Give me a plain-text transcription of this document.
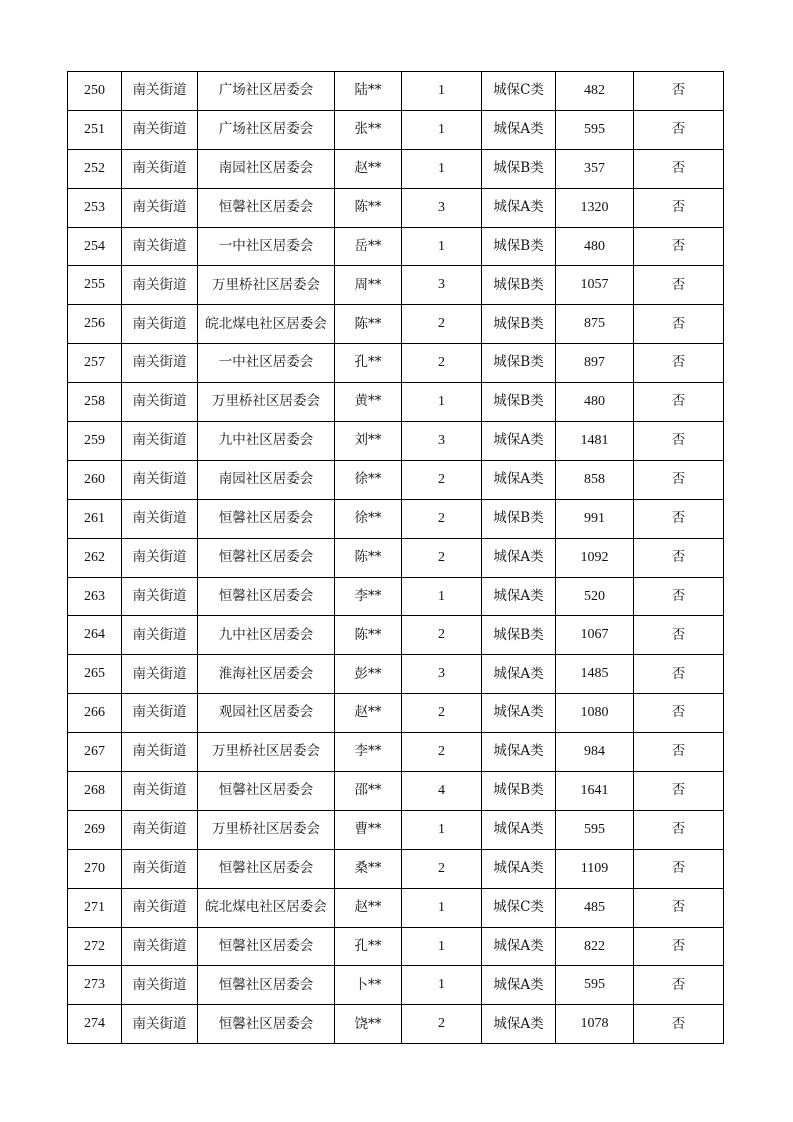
250	南关街道	广场社区居委会	陆**	1	城保C类	482	否
251	南关街道	广场社区居委会	张**	1	城保A类	595	否
252	南关街道	南园社区居委会	赵**	1	城保B类	357	否
253	南关街道	恒馨社区居委会	陈**	3	城保A类	1320	否
254	南关街道	一中社区居委会	岳**	1	城保B类	480	否
255	南关街道	万里桥社区居委会	周**	3	城保B类	1057	否
256	南关街道	皖北煤电社区居委会	陈**	2	城保B类	875	否
257	南关街道	一中社区居委会	孔**	2	城保B类	897	否
258	南关街道	万里桥社区居委会	黄**	1	城保B类	480	否
259	南关街道	九中社区居委会	刘**	3	城保A类	1481	否
260	南关街道	南园社区居委会	徐**	2	城保A类	858	否
261	南关街道	恒馨社区居委会	徐**	2	城保B类	991	否
262	南关街道	恒馨社区居委会	陈**	2	城保A类	1092	否
263	南关街道	恒馨社区居委会	李**	1	城保A类	520	否
264	南关街道	九中社区居委会	陈**	2	城保B类	1067	否
265	南关街道	淮海社区居委会	彭**	3	城保A类	1485	否
266	南关街道	观园社区居委会	赵**	2	城保A类	1080	否
267	南关街道	万里桥社区居委会	李**	2	城保A类	984	否
268	南关街道	恒馨社区居委会	邵**	4	城保B类	1641	否
269	南关街道	万里桥社区居委会	曹**	1	城保A类	595	否
270	南关街道	恒馨社区居委会	桑**	2	城保A类	1109	否
271	南关街道	皖北煤电社区居委会	赵**	1	城保C类	485	否
272	南关街道	恒馨社区居委会	孔**	1	城保A类	822	否
273	南关街道	恒馨社区居委会	卜**	1	城保A类	595	否
274	南关街道	恒馨社区居委会	饶**	2	城保A类	1078	否
